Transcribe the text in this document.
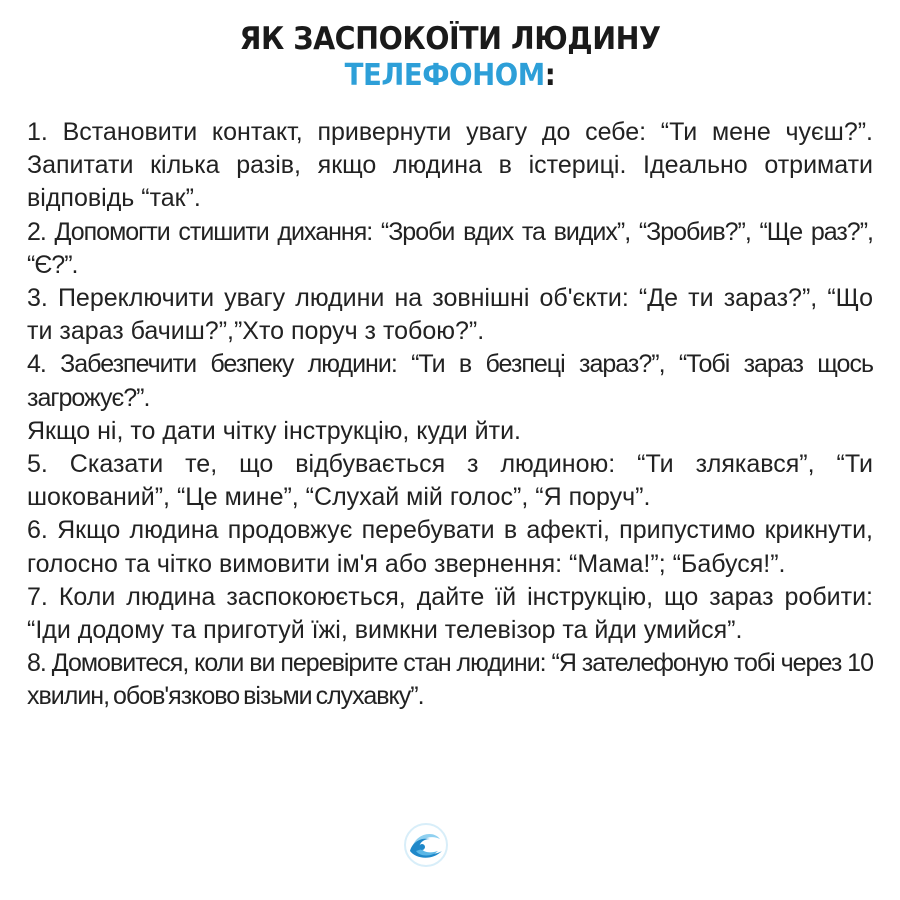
ЯК ЗАСПОКОЇТИ ЛЮДИНУ
ТЕЛЕФОНОМ:

1. Встановити контакт, привернути увагу до себе: “Ти мене чуєш?”. Запитати кілька разів, якщо людина в істериці. Ідеально отримати відповідь “так”.

2. Допомогти стишити дихання: “Зроби вдих та видих”, “Зробив?”, “Ще раз?”, “Є?”.

3. Переключити увагу людини на зовнішні об'єкти: “Де ти зараз?”, “Що ти зараз бачиш?”,”Хто поруч з тобою?”.

4. Забезпечити безпеку людини: “Ти в безпеці зараз?”, “Тобі зараз щось загрожує?”.

Якщо ні, то дати чітку інструкцію, куди йти.

5. Сказати те, що відбувається з людиною: “Ти злякався”, “Ти шокований”, “Це мине”, “Слухай мій голос”, “Я поруч”.

6. Якщо людина продовжує перебувати в афекті, припустимо крикнути, голосно та чітко вимовити ім'я або звернення: “Мама!”; “Бабуся!”.

7. Коли людина заспокоюється, дайте їй інструкцію, що зараз робити: “Іди додому та приготуй їжі, вимкни телевізор та йди умийся”.

8. Домовитеся, коли ви перевірите стан людини: “Я зателефоную тобі через 10 хвилин, обов'язково візьми слухавку”.
